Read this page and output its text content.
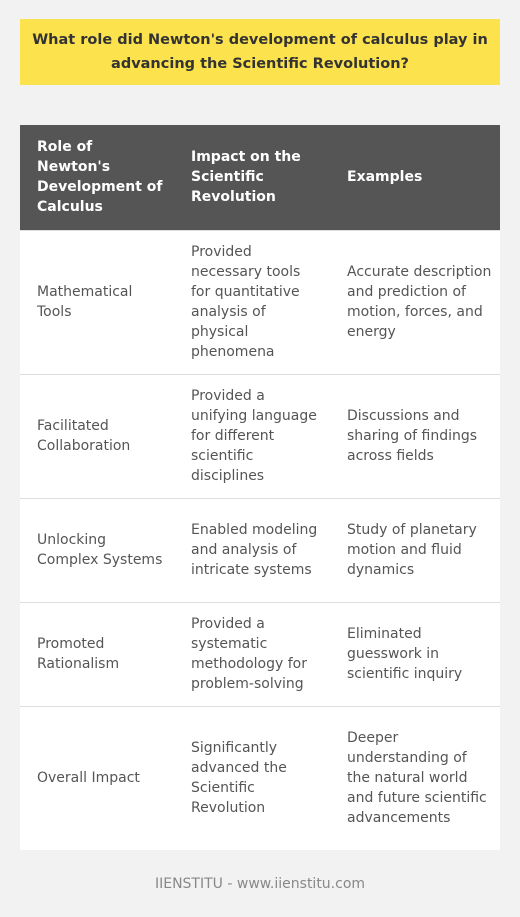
What role did Newton's development of calculus play in advancing the Scientific Revolution?
Role of Newton's Development of Calculus	Impact on the Scientific Revolution	Examples
Mathematical Tools	Provided necessary tools for quantitative analysis of physical phenomena	Accurate description and prediction of motion, forces, and energy
Facilitated Collaboration	Provided a unifying language for different scientific disciplines	Discussions and sharing of findings across fields
Unlocking Complex Systems	Enabled modeling and analysis of intricate systems	Study of planetary motion and fluid dynamics
Promoted Rationalism	Provided a systematic methodology for problem-solving	Eliminated guesswork in scientific inquiry
Overall Impact	Significantly advanced the Scientific Revolution	Deeper understanding of the natural world and future scientific advancements
IIENSTITU - www.iienstitu.com
